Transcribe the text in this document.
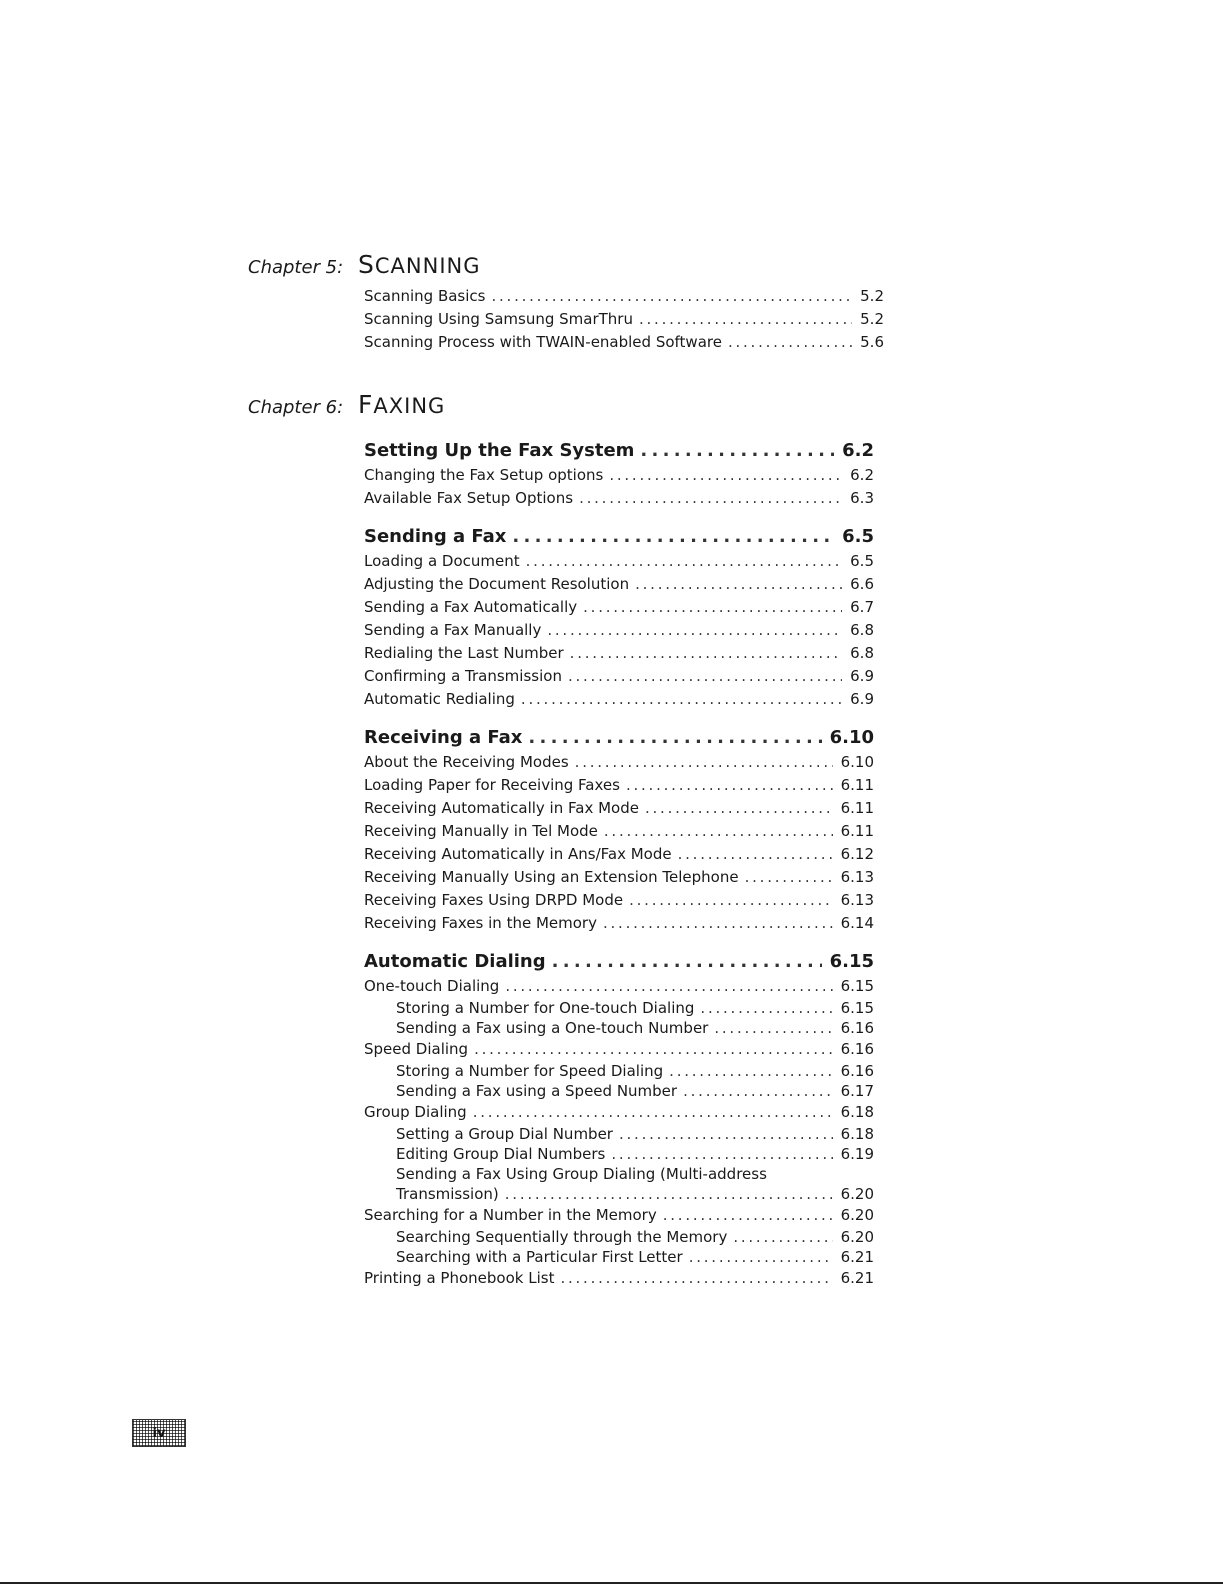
Chapter 5: SCANNING
Scanning Basics . . .	5.2
Scanning Using Samsung SmarThru . . .	5.2
Scanning Process with TWAIN-enabled Software . . .	5.6
Chapter 6: FAXING
Setting Up the Fax System . . .	6.2
Changing the Fax Setup options . . .	6.2
Available Fax Setup Options . . .	6.3
Sending a Fax . . .	6.5
Loading a Document . . .	6.5
Adjusting the Document Resolution . . .	6.6
Sending a Fax Automatically . . .	6.7
Sending a Fax Manually . . .	6.8
Redialing the Last Number . . .	6.8
Confirming a Transmission . . .	6.9
Automatic Redialing . . .	6.9
Receiving a Fax . . .	6.10
About the Receiving Modes . . .	6.10
Loading Paper for Receiving Faxes . . .	6.11
Receiving Automatically in Fax Mode . . .	6.11
Receiving Manually in Tel Mode . . .	6.11
Receiving Automatically in Ans/Fax Mode . . .	6.12
Receiving Manually Using an Extension Telephone . . .	6.13
Receiving Faxes Using DRPD Mode . . .	6.13
Receiving Faxes in the Memory . . .	6.14
Automatic Dialing . . .	6.15
One-touch Dialing . . .	6.15
Storing a Number for One-touch Dialing . . .	6.15
Sending a Fax using a One-touch Number . . .	6.16
Speed Dialing . . .	6.16
Storing a Number for Speed Dialing . . .	6.16
Sending a Fax using a Speed Number . . .	6.17
Group Dialing . . .	6.18
Setting a Group Dial Number . . .	6.18
Editing Group Dial Numbers . . .	6.19
Sending a Fax Using Group Dialing (Multi-address
Transmission) . . .	6.20
Searching for a Number in the Memory . . .	6.20
Searching Sequentially through the Memory . . .	6.20
Searching with a Particular First Letter . . .	6.21
Printing a Phonebook List . . .	6.21
iv
